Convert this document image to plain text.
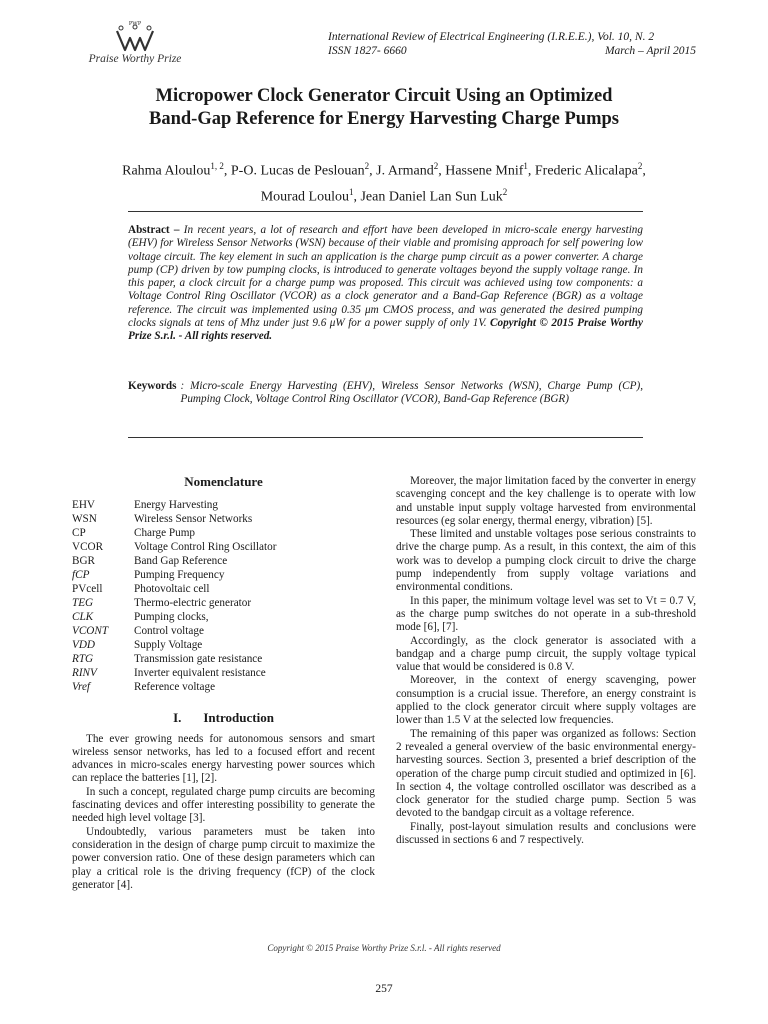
PWP
Praise Worthy Prize
International Review of Electrical Engineering (I.R.E.E.), Vol. 10, N. 2
ISSN 1827- 6660	March – April 2015
Micropower Clock Generator Circuit Using an Optimized
Band-Gap Reference for Energy Harvesting Charge Pumps
Rahma Aloulou$^{1, 2}$, P-O. Lucas de Peslouan$^2$, J. Armand$^2$, Hassene Mnif$^1$, Frederic Alicalapa$^2$,
Mourad Loulou$^1$, Jean Daniel Lan Sun Luk$^2$
Abstract – In recent years, a lot of research and effort have been developed in micro-scale energy harvesting (EHV) for Wireless Sensor Networks (WSN) because of their viable and promising approach for self powering low voltage circuit. The key element in such an application is the charge pump circuit as a power converter. A charge pump (CP) driven by tow pumping clocks, is introduced to generate voltages beyond the supply voltage range. In this paper, a clock circuit for a charge pump was proposed. This circuit was achieved using tow components: a Voltage Control Ring Oscillator (VCOR) as a clock generator and a Band-Gap Reference (BGR) as a voltage reference. The circuit was implemented using 0.35 μm CMOS process, and was generated the desired pumping clocks signals at tens of Mhz under just 9.6 μW for a power supply of only 1V. Copyright © 2015 Praise Worthy Prize S.r.l. - All rights reserved.
Keywords : Micro-scale Energy Harvesting (EHV), Wireless Sensor Networks (WSN), Charge Pump (CP), Pumping Clock, Voltage Control Ring Oscillator (VCOR), Band-Gap Reference (BGR)
Nomenclature
EHV	Energy Harvesting
WSN	Wireless Sensor Networks
CP	Charge Pump
VCOR	Voltage Control Ring Oscillator
BGR	Band Gap Reference
fCP	Pumping Frequency
PVcell	Photovoltaic cell
TEG	Thermo-electric generator
CLK	Pumping clocks,
VCONT	Control voltage
VDD	Supply Voltage
RTG	Transmission gate resistance
RINV	Inverter equivalent resistance
Vref	Reference voltage
I. Introduction

The ever growing needs for autonomous sensors and smart wireless sensor networks, has led to a focused effort and recent advances in micro-scales energy harvesting power sources which can replace the batteries [1], [2].

In such a concept, regulated charge pump circuits are becoming fascinating devices and offer interesting possibility to generate the needed high level voltage [3].

Undoubtedly, various parameters must be taken into consideration in the design of charge pump circuit to maximize the power conversion ratio. One of these design parameters which can play a critical role is the driving frequency (fCP) of the clock generator [4].

Moreover, the major limitation faced by the converter in energy scavenging concept and the key challenge is to operate with low and unstable input supply voltage harvested from environmental resources (eg solar energy, thermal energy, vibration) [5].

These limited and unstable voltages pose serious constraints to drive the charge pump. As a result, in this context, the aim of this work was to develop a pumping clock circuit to drive the charge pump independently from supply voltage variations and environmental conditions.

In this paper, the minimum voltage level was set to Vt = 0.7 V, as the charge pump switches do not operate in a sub-threshold mode [6], [7].

Accordingly, as the clock generator is associated with a bandgap and a charge pump circuit, the supply voltage typical value that would be considered is 0.8 V.

Moreover, in the context of energy scavenging, power consumption is a crucial issue. Therefore, an energy constraint is applied to the clock generator circuit where supply voltages are lower than 1.5 V at the selected low frequencies.

The remaining of this paper was organized as follows: Section 2 revealed a general overview of the basic environmental energy-harvesting sources. Section 3, presented a brief description of the operation of the charge pump circuit studied and optimized in [6]. In section 4, the voltage controlled oscillator was described as a clock generator for the studied charge pump. Section 5 was devoted to the bandgap circuit as a voltage reference.

Finally, post-layout simulation results and conclusions were discussed in sections 6 and 7 respectively.

Copyright © 2015 Praise Worthy Prize S.r.l. - All rights reserved
257
